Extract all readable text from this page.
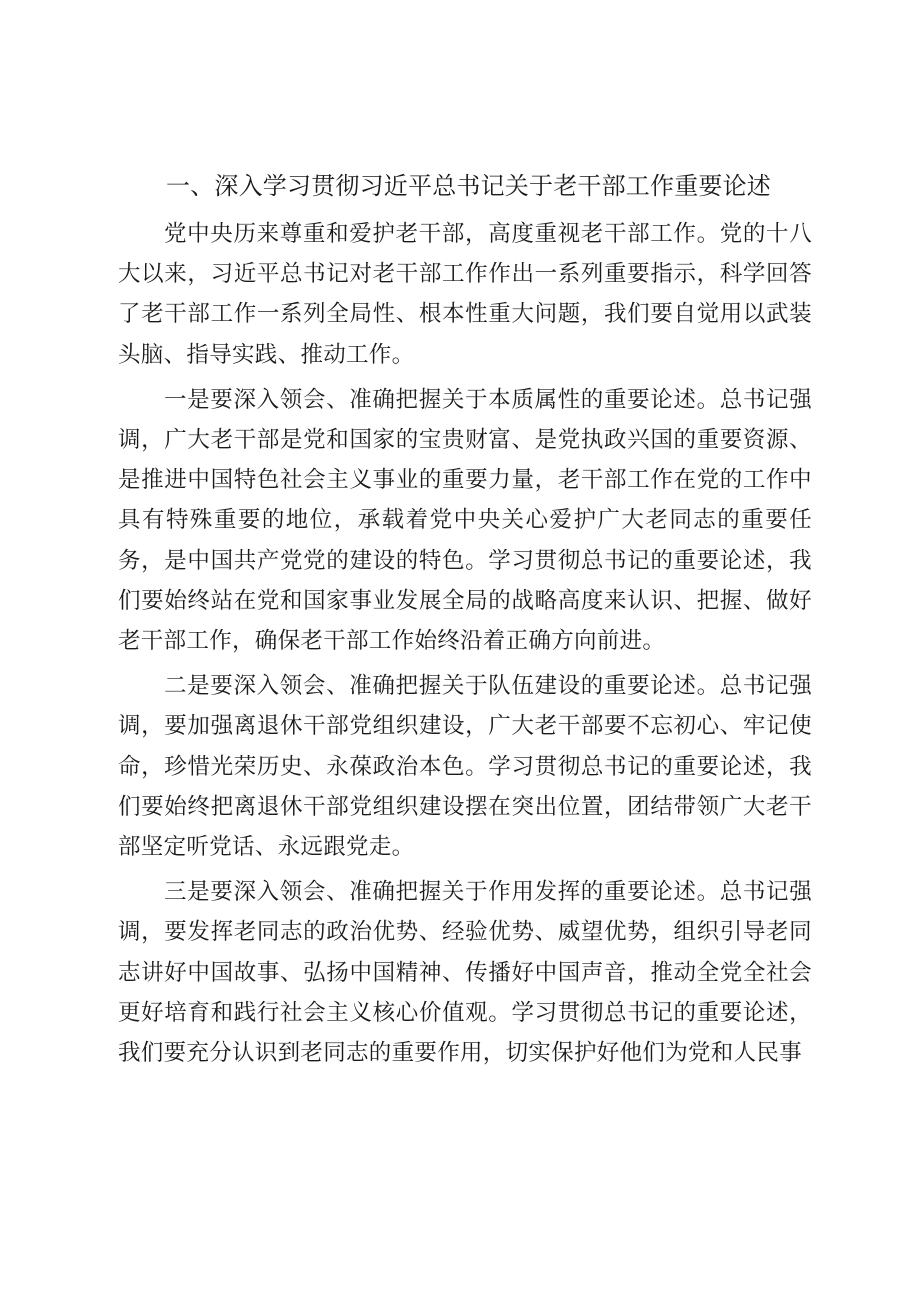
一、深入学习贯彻习近平总书记关于老干部工作重要论述

党中央历来尊重和爱护老干部，高度重视老干部工作。党的十八大以来，习近平总书记对老干部工作作出一系列重要指示，科学回答了老干部工作一系列全局性、根本性重大问题，我们要自觉用以武装头脑、指导实践、推动工作。

一是要深入领会、准确把握关于本质属性的重要论述。总书记强调，广大老干部是党和国家的宝贵财富、是党执政兴国的重要资源、是推进中国特色社会主义事业的重要力量，老干部工作在党的工作中具有特殊重要的地位，承载着党中央关心爱护广大老同志的重要任务，是中国共产党党的建设的特色。学习贯彻总书记的重要论述，我们要始终站在党和国家事业发展全局的战略高度来认识、把握、做好老干部工作，确保老干部工作始终沿着正确方向前进。

二是要深入领会、准确把握关于队伍建设的重要论述。总书记强调，要加强离退休干部党组织建设，广大老干部要不忘初心、牢记使命，珍惜光荣历史、永葆政治本色。学习贯彻总书记的重要论述，我们要始终把离退休干部党组织建设摆在突出位置，团结带领广大老干部坚定听党话、永远跟党走。

三是要深入领会、准确把握关于作用发挥的重要论述。总书记强调，要发挥老同志的政治优势、经验优势、威望优势，组织引导老同志讲好中国故事、弘扬中国精神、传播好中国声音，推动全党全社会更好培育和践行社会主义核心价值观。学习贯彻总书记的重要论述，我们要充分认识到老同志的重要作用，切实保护好他们为党和人民事
